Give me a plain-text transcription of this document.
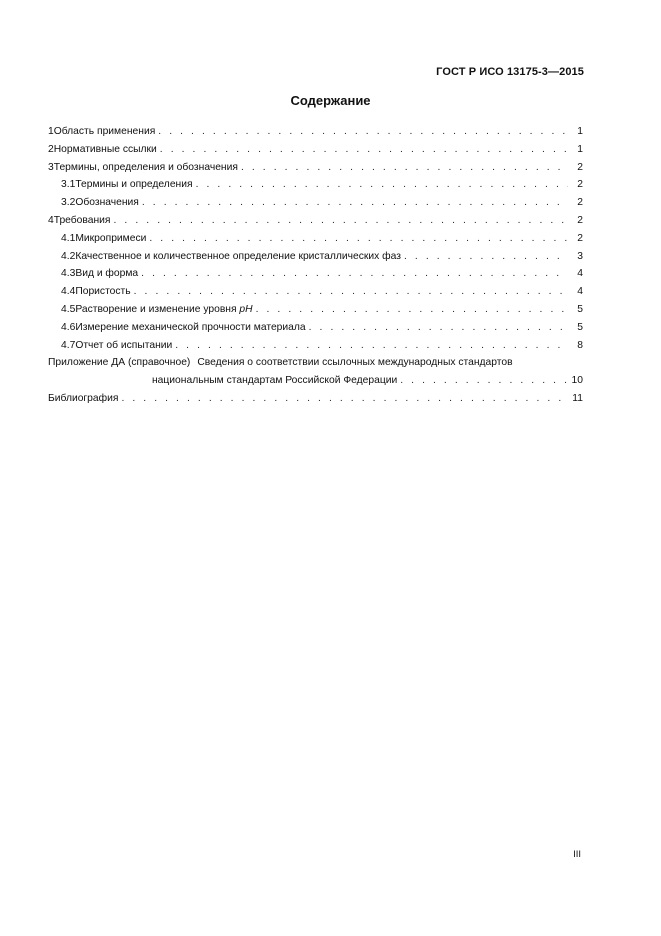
ГОСТ Р ИСО 13175-3—2015
Содержание
1 Область применения . . .	1
2 Нормативные ссылки . . .	1
3 Термины, определения и обозначения . . .	2
3.1 Термины и определения . . .	2
3.2 Обозначения . . .	2
4 Требования . . .	2
4.1 Микропримеси . . .	2
4.2 Качественное и количественное определение кристаллических фаз . . .	3
4.3 Вид и форма . . .	4
4.4 Пористость . . .	4
4.5 Растворение и изменение уровня pH . . .	5
4.6 Измерение механической прочности материала . . .	5
4.7 Отчет об испытании . . .	8
Приложение ДА (справочное) Сведения о соответствии ссылочных международных стандартов
национальным стандартам Российской Федерации . . .	10
Библиография . . .	11
III
